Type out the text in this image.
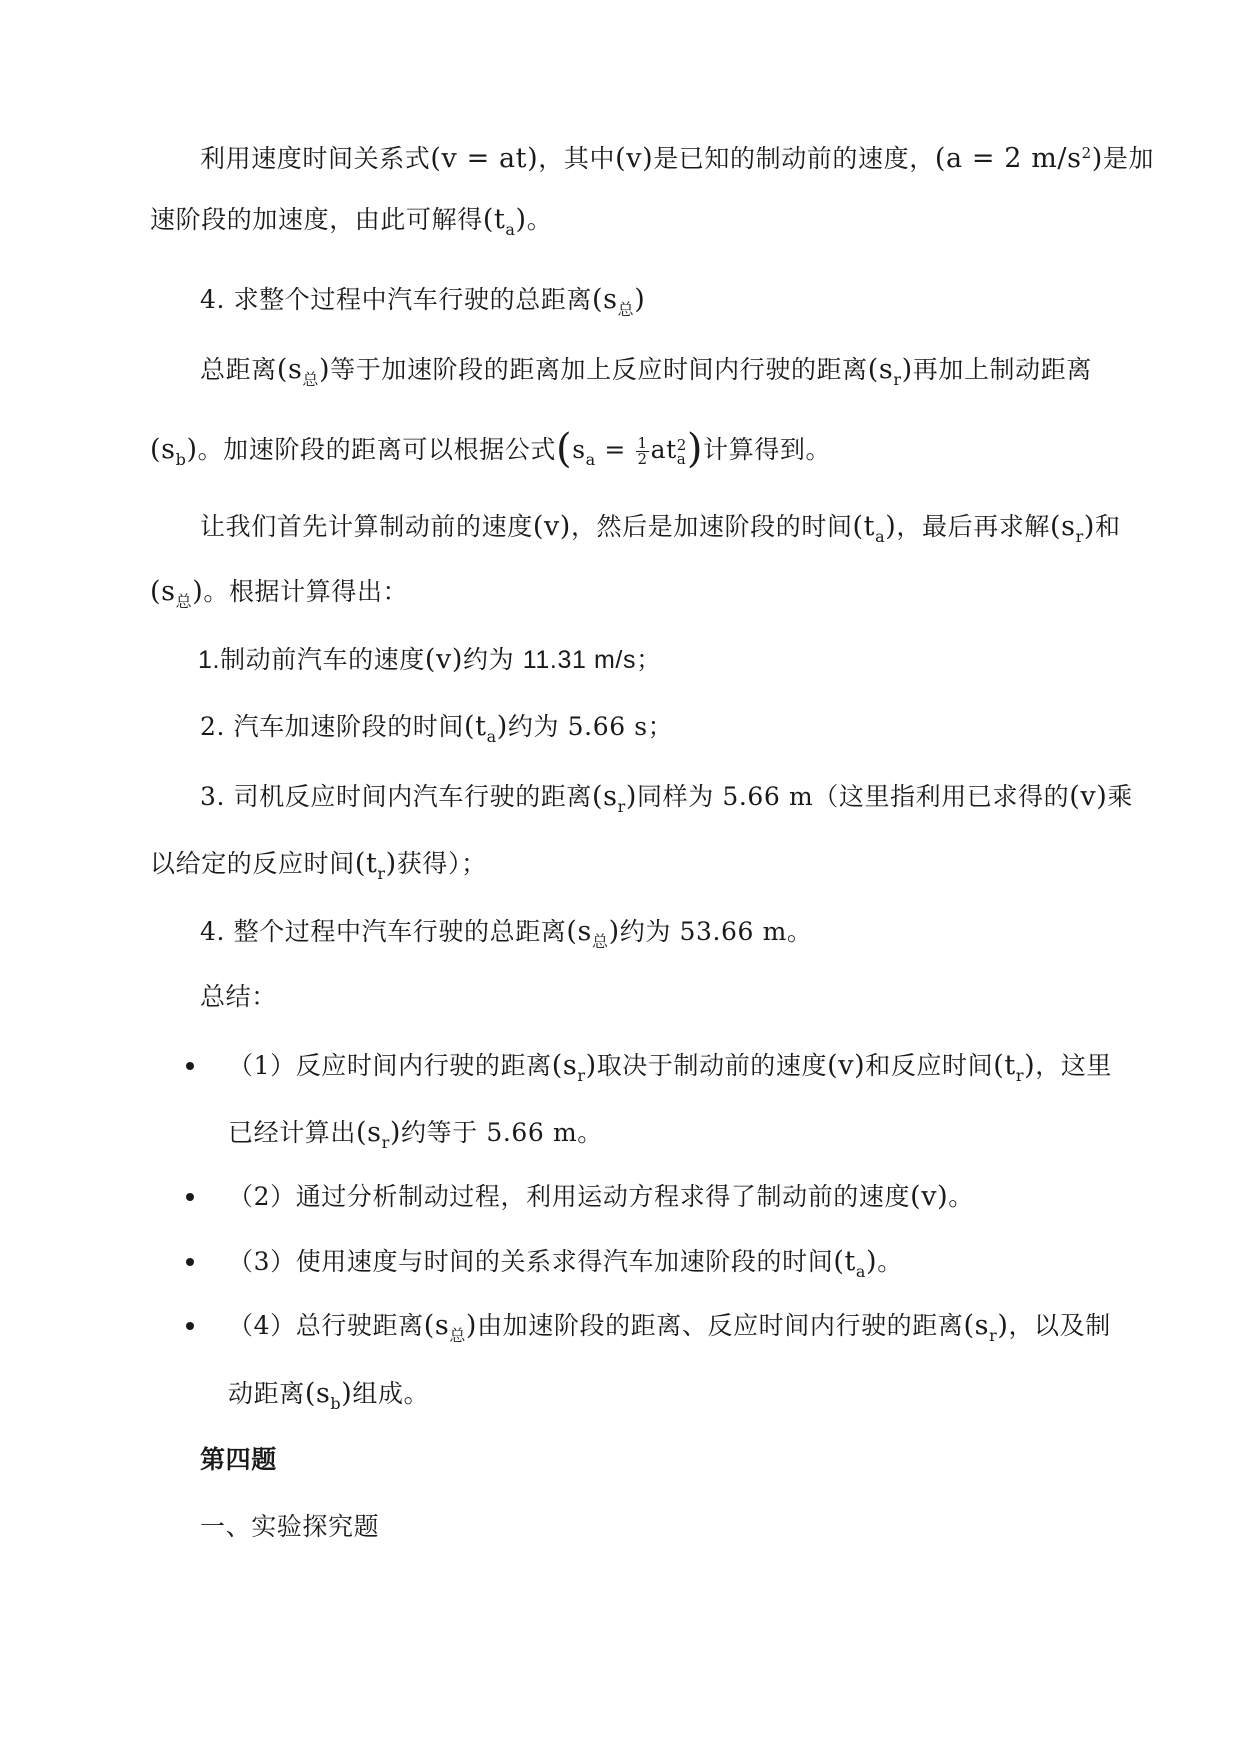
利用速度时间关系式(v = at)，其中(v)是已知的制动前的速度，(a = 2 $m/s^2$)是加
速阶段的加速度，由此可解得$(t_a)$。
4. 求整个过程中汽车行驶的总距离$(s_总)$
总距离$(s_总)$等于加速阶段的距离加上反应时间内行驶的距离$(s_r)$再加上制动距离
$(s_b)$。加速阶段的距离可以根据公式($s_a = \frac{1}{2}$ at 2
a )计算得到。
让我们首先计算制动前的速度(v)，然后是加速阶段的时间$(t_a)$，最后再求解$(s_r)$和
$(s_总)$。根据计算得出：
1.制动前汽车的速度(v)约为 11.31 m/s；
2. 汽车加速阶段的时间$(t_a)$约为 5.66 s；
3. 司机反应时间内汽车行驶的距离$(s_r)$同样为 5.66 m（这里指利用已求得的(v)乘
以给定的反应时间$(t_r)$获得）；
4. 整个过程中汽车行驶的总距离$(s_总)$约为 53.66 m。
总结：
（1）反应时间内行驶的距离$(s_r)$取决于制动前的速度(v)和反应时间$(t_r)$，这里
已经计算出$(s_r)$约等于 5.66 m。
（2）通过分析制动过程，利用运动方程求得了制动前的速度(v)。
（3）使用速度与时间的关系求得汽车加速阶段的时间$(t_a)$。
（4）总行驶距离$(s_总)$由加速阶段的距离、反应时间内行驶的距离$(s_r)$，以及制
动距离$(s_b)$组成。
第四题
一、实验探究题
